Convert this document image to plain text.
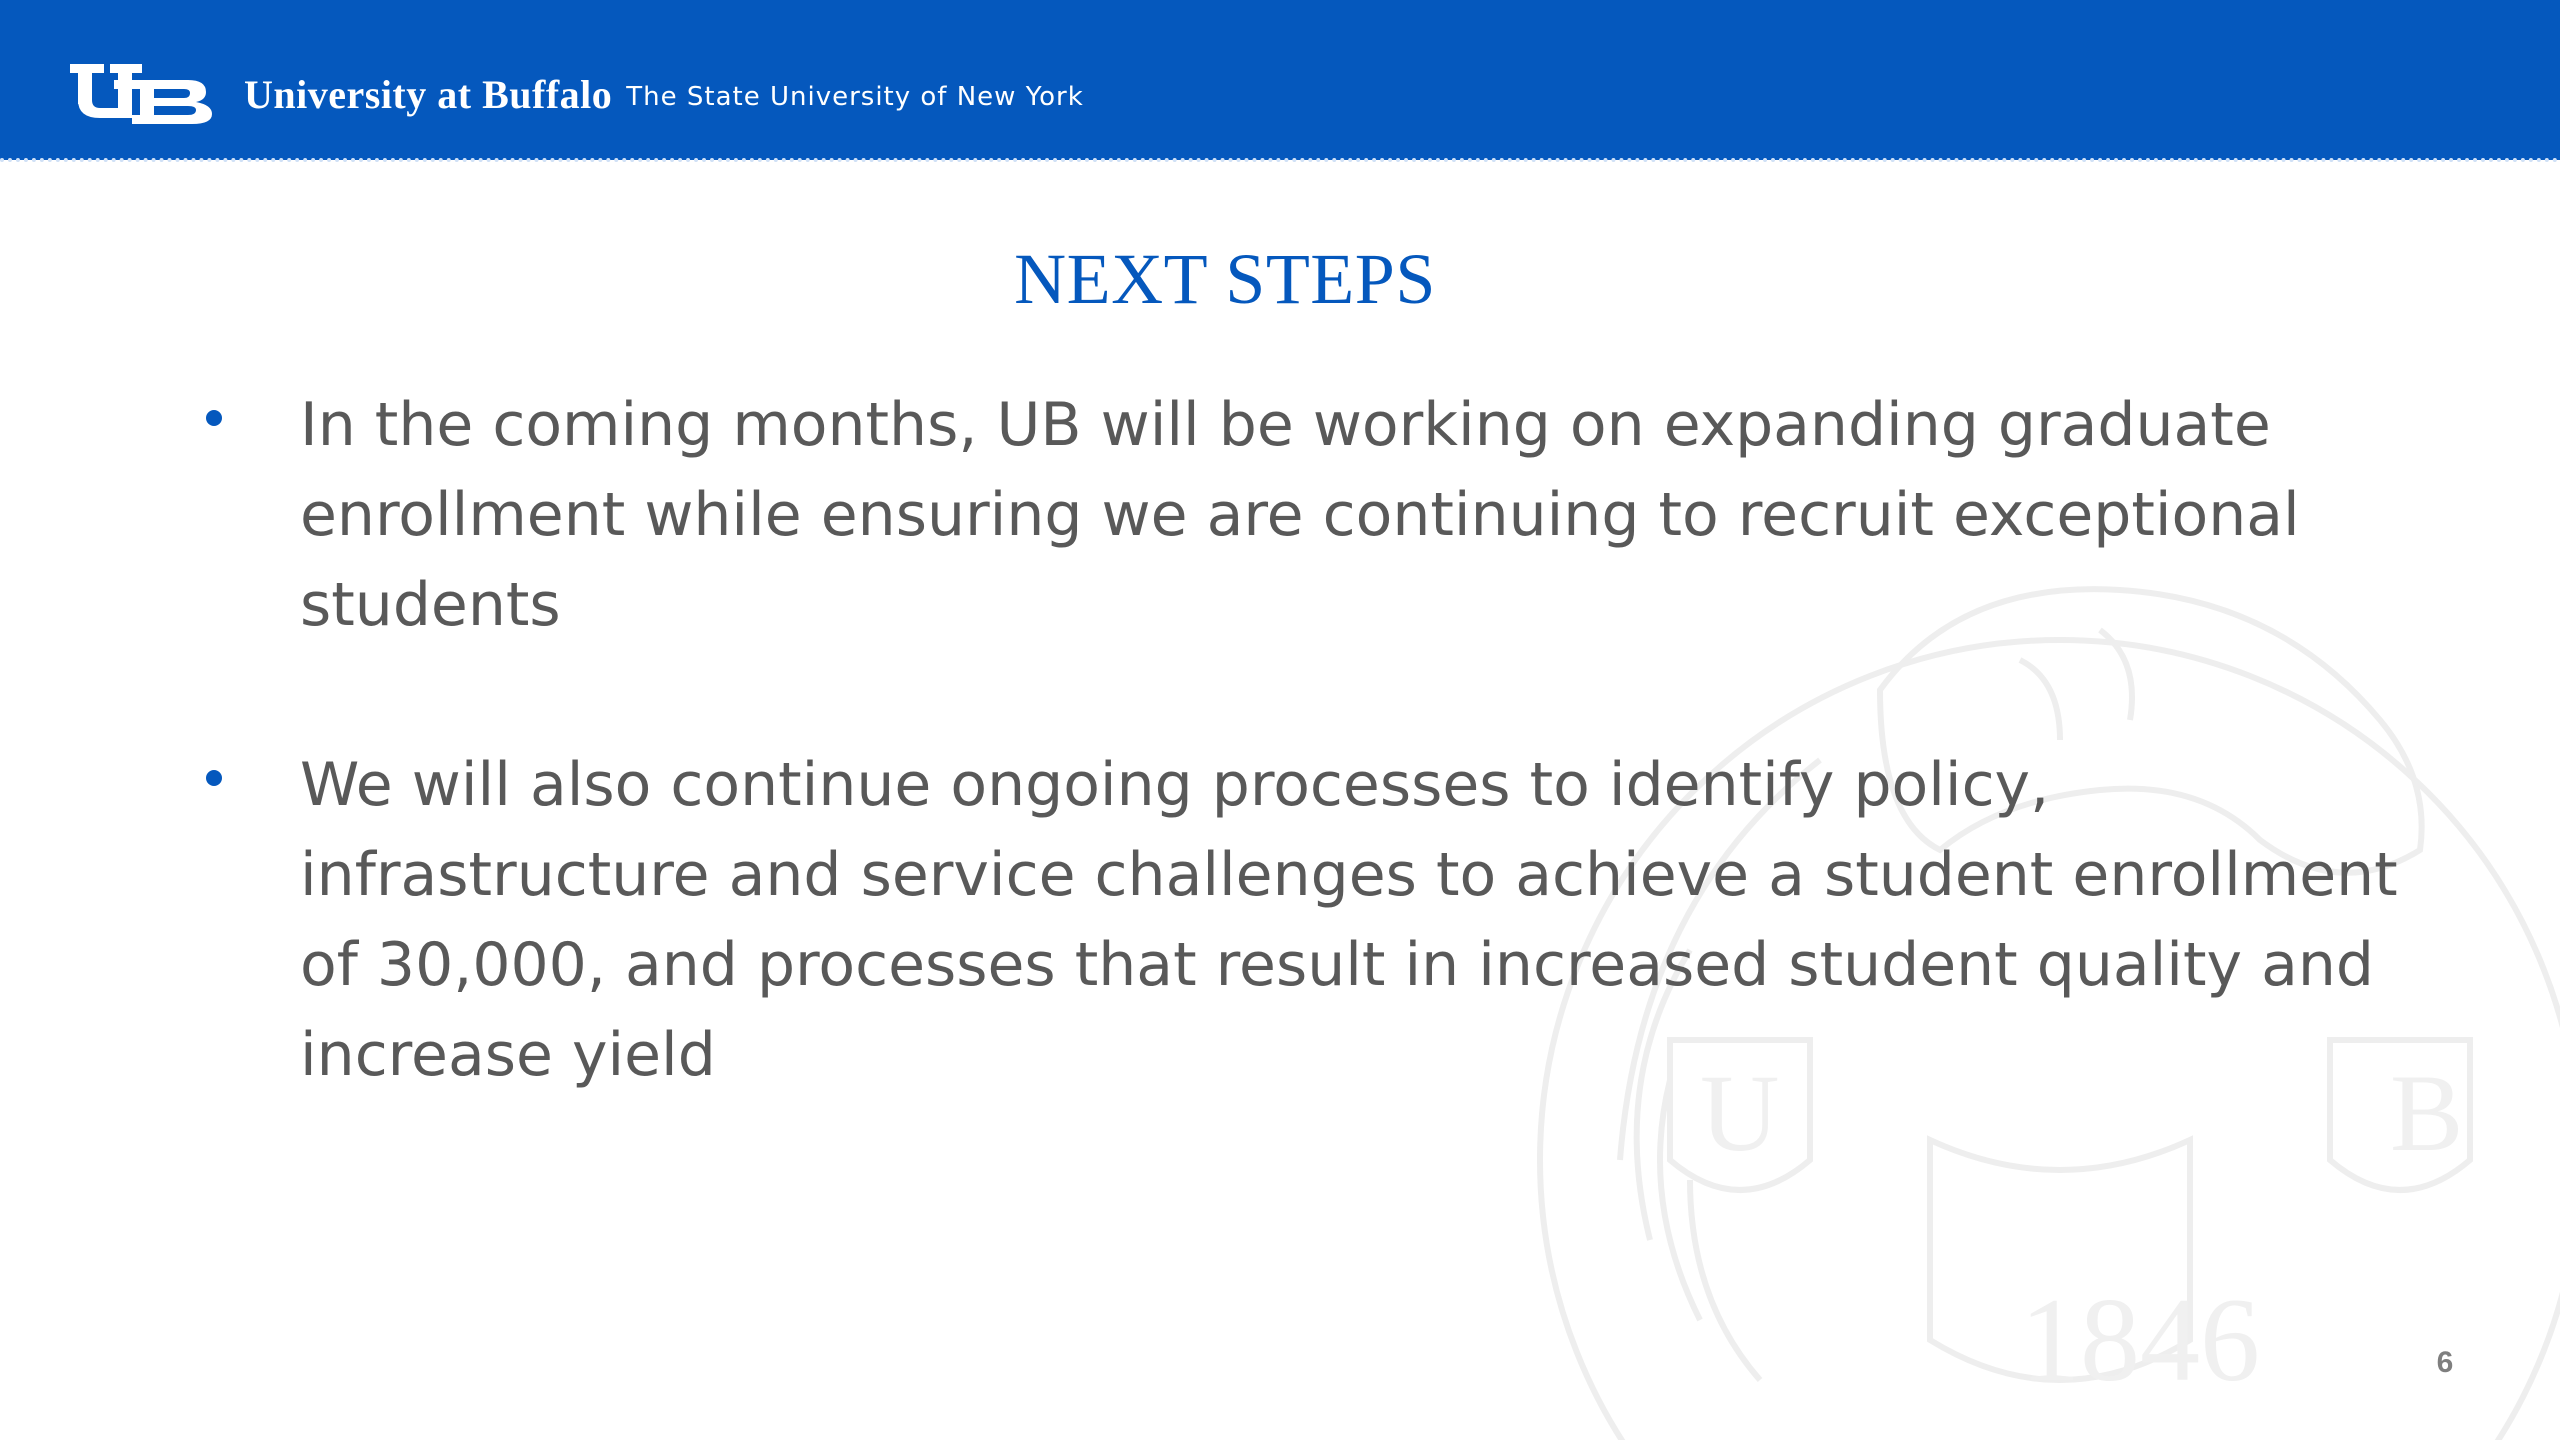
University at Buffalo The State University of New York
1846
B
U
NEXT STEPS
In the coming months, UB will be working on expanding graduate enrollment while ensuring we are continuing to recruit exceptional students
We will also continue ongoing processes to identify policy, infrastructure and service challenges to achieve a student enrollment of 30,000, and processes that result in increased student quality and increase yield
6
